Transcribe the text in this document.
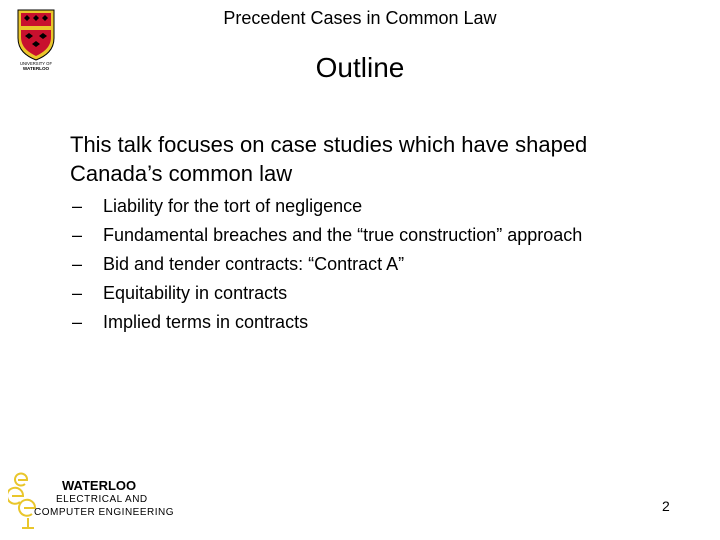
Precedent Cases in Common Law
UNIVERSITY OF
WATERLOO	Outline
This talk focuses on case studies which have shaped Canada’s common law
–	Liability for the tort of negligence
–	Fundamental breaches and the “true construction” approach
–	Bid and tender contracts: “Contract A”
–	Equitability in contracts
–	Implied terms in contracts
WATERLOO
ELECTRICAL AND
COMPUTER ENGINEERING	2
